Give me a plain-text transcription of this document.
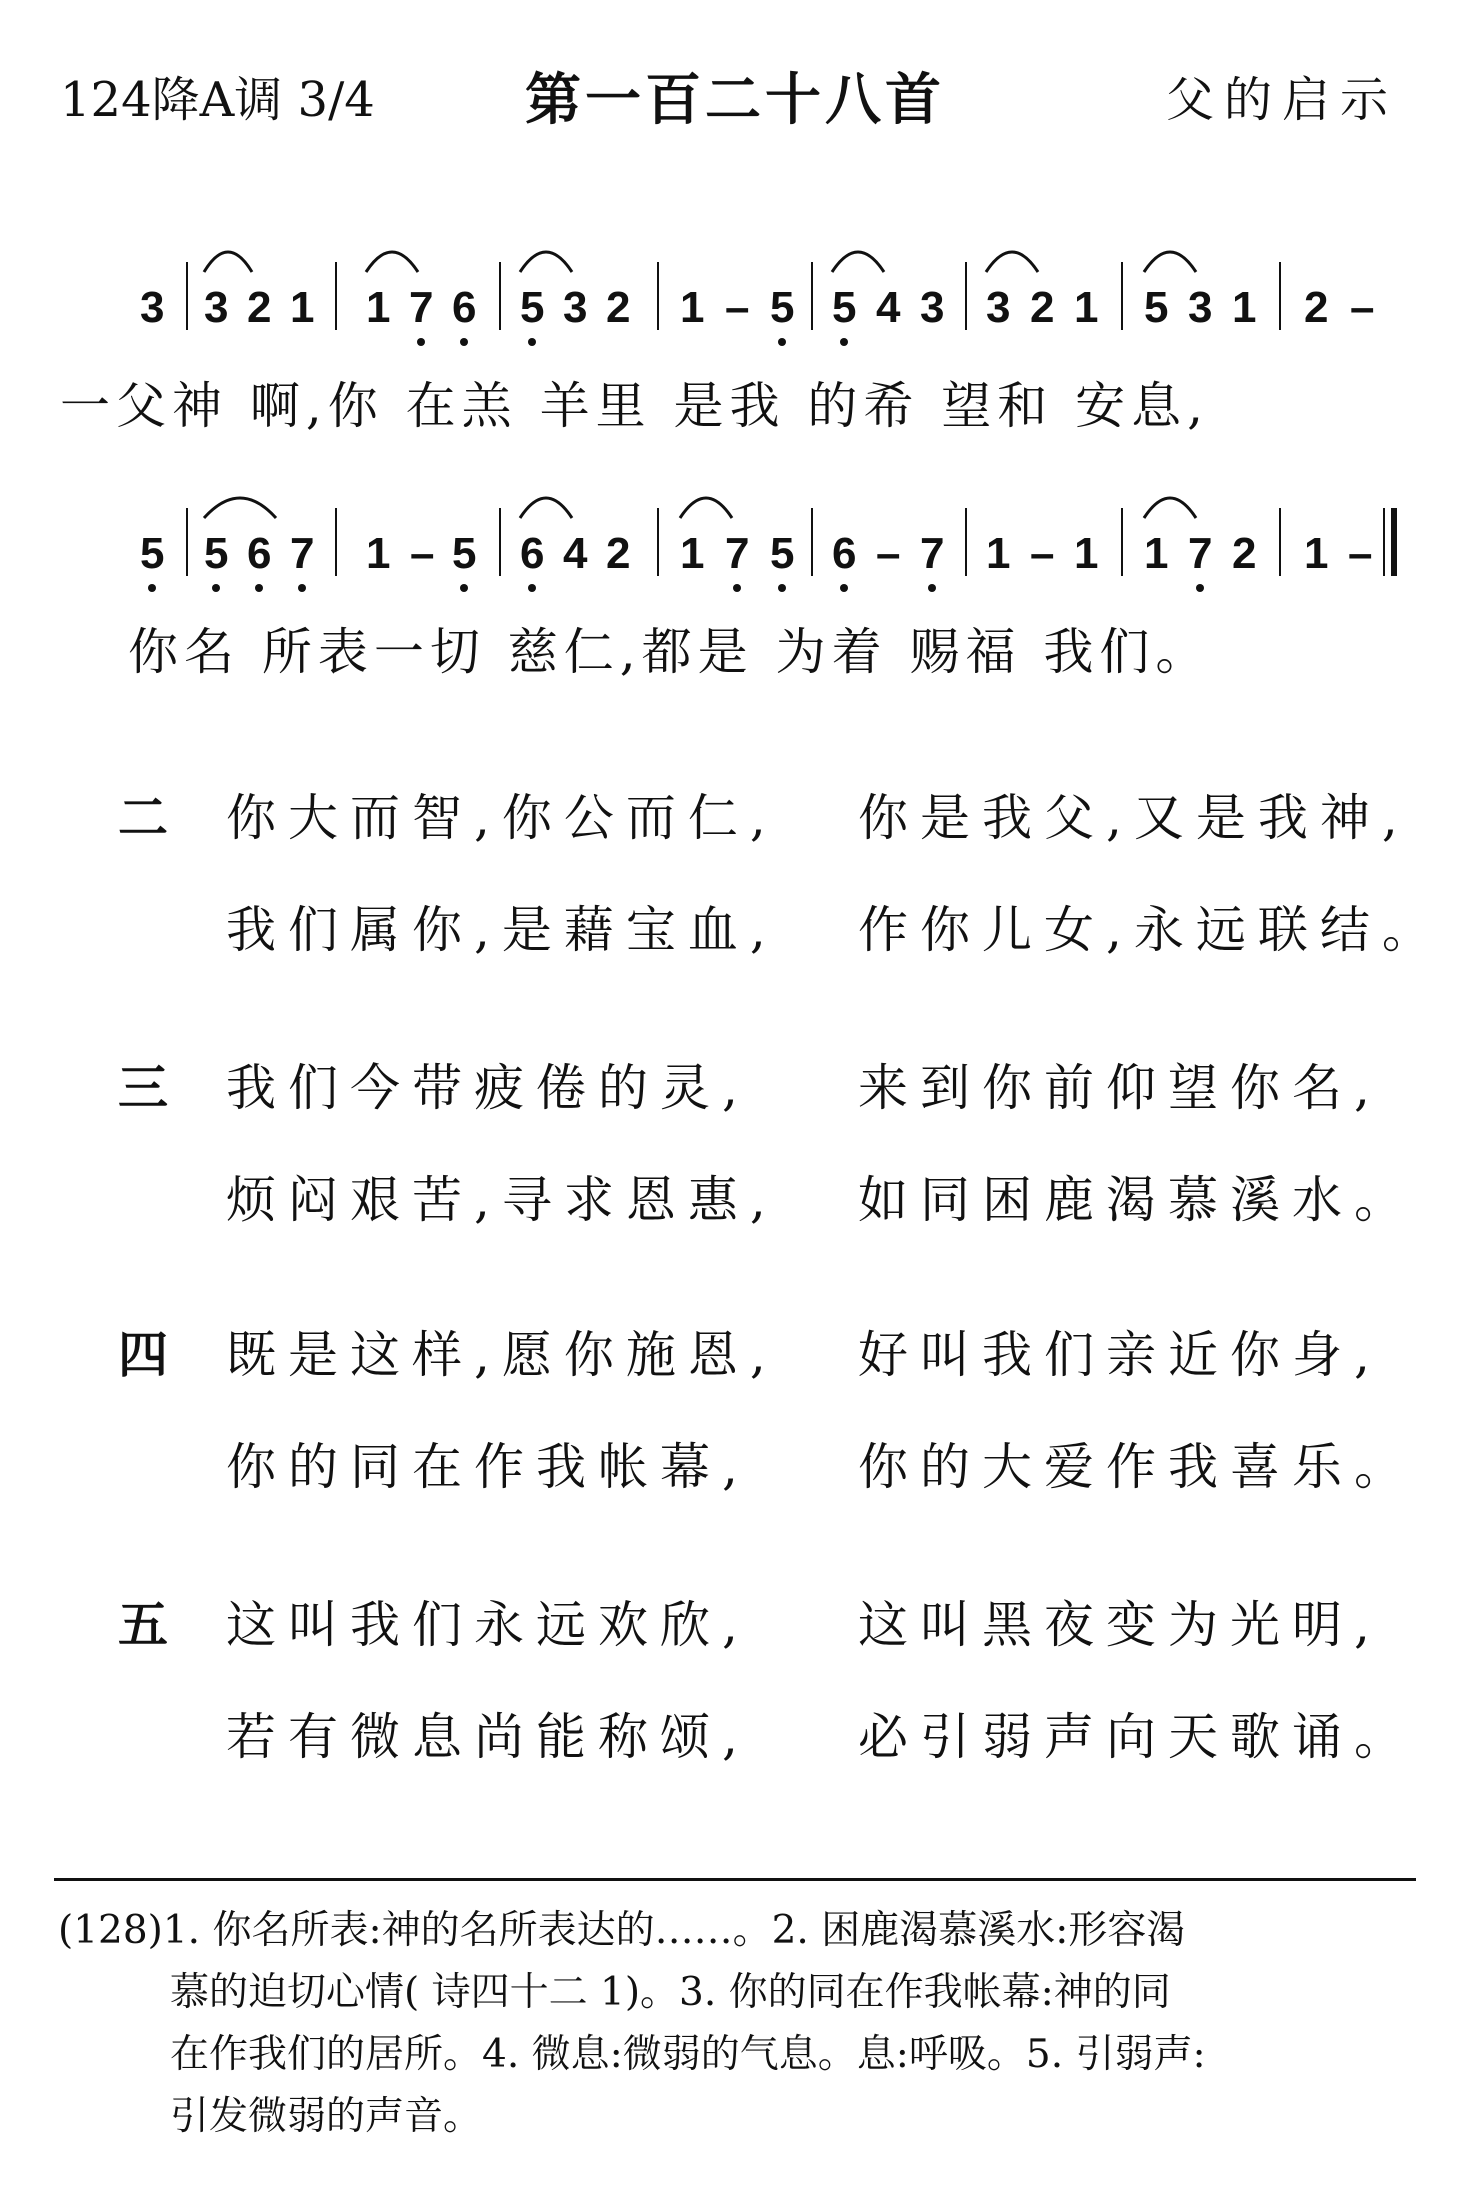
124降A调 3/4	第一百二十八首	父的启示
3 3 2 1 1 7 6 5 3 2 1 – 5 5 4 3 3 2 1 5 3 1 2 –
5 5 6 7 1 – 5 6 4 2 1 7 5 6 – 7 1 – 1 1 7 2 1 –
一父神 啊,你 在羔 羊里 是我 的希 望和 安息,
你名 所表一切 慈仁,都是 为着 赐福 我们。
二 你大而智,你公而仁, 你是我父,又是我神,
我们属你,是藉宝血, 作你儿女,永远联结。
三 我们今带疲倦的灵, 来到你前仰望你名,
烦闷艰苦,寻求恩惠, 如同困鹿渴慕溪水。
四 既是这样,愿你施恩, 好叫我们亲近你身,
你的同在作我帐幕, 你的大爱作我喜乐。
五 这叫我们永远欢欣, 这叫黑夜变为光明,
若有微息尚能称颂, 必引弱声向天歌诵。
(128)1. 你名所表:神的名所表达的……。2. 困鹿渴慕溪水:形容渴
慕的迫切心情( 诗四十二 1)。3. 你的同在作我帐幕:神的同
在作我们的居所。4. 微息:微弱的气息。息:呼吸。5. 引弱声:
引发微弱的声音。
